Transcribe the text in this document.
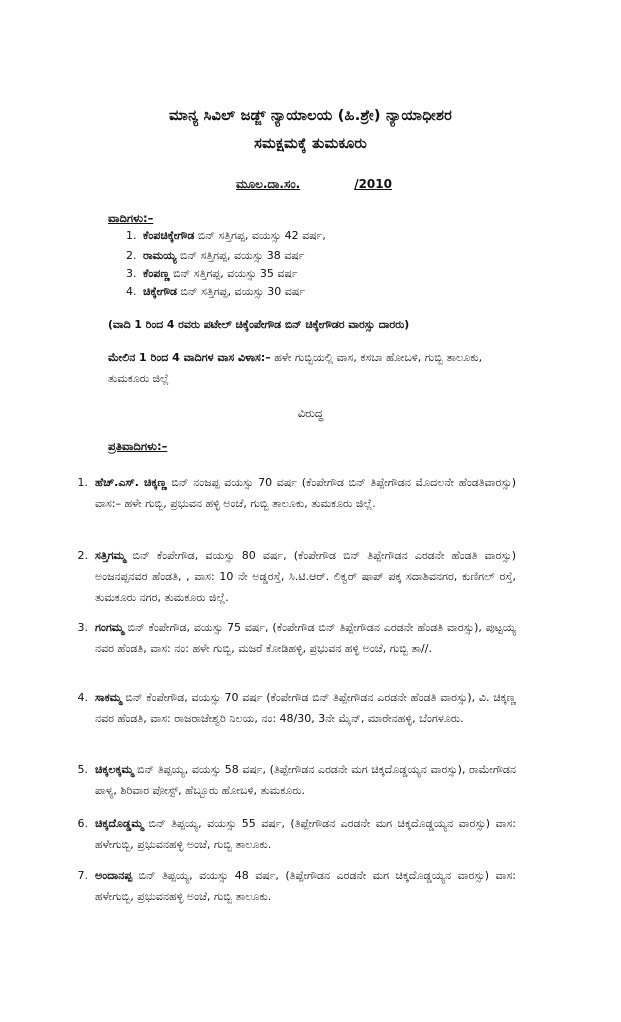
ಮಾನ್ಯ ಸಿವಿಲ್ ಜಡ್ಜ್ ನ್ಯಾಯಾಲಯ (ಹಿ.ಶ್ರೇ) ನ್ಯಾಯಾಧೀಶರ
ಸಮಕ್ಷಮಕ್ಕೆ ತುಮಕೂರು
ಮೂಲ.ದಾ.ಸಂ.	/2010
ವಾದಿಗಳು:–
1. ಕೆಂಪಚಿಕ್ಕೇಗೌಡ ಬಿನ್ ಸತ್ತಿಗಪ್ಪ, ವಯಸ್ಸು 42 ವರ್ಷ,
2. ರಾಮಯ್ಯ ಬಿನ್ ಸತ್ತಿಗಪ್ಪ, ವಯಸ್ಸು 38 ವರ್ಷ
3. ಕೆಂಪಣ್ಣ ಬಿನ್ ಸತ್ತಿಗಪ್ಪ, ವಯಸ್ಸು 35 ವರ್ಷ
4. ಚಿಕ್ಕೇಗೌಡ ಬಿನ್ ಸತ್ತಿಗಪ್ಪ, ವಯಸ್ಸು 30 ವರ್ಷ
(ವಾದಿ 1 ರಿಂದ 4 ರವರು ಪಟೇಲ್ ಚಿಕ್ಕೆಂಪೇಗೌಡ ಬಿನ್ ಚಿಕ್ಕೇಗೌಡರ ವಾರಸ್ಸು ದಾರರು)
ಮೇಲಿನ 1 ರಿಂದ 4 ವಾದಿಗಳ ವಾಸ ವಿಳಾಸ:– ಹಳೇ ಗುಬ್ಬಿಯಲ್ಲಿ ವಾಸ, ಕಸಬಾ ಹೋಬಳಿ, ಗುಬ್ಬಿ ತಾಲೂಕು, ತುಮಕೂರು ಜಿಲ್ಲೆ
ವಿರುದ್ಧ
ಪ್ರತಿವಾದಿಗಳು:–
1. ಹೆಚ್.ಎಸ್. ಚಿಕ್ಕಣ್ಣ ಬಿನ್ ನಂಜಪ್ಪ ವಯಸ್ಸು 70 ವರ್ಷ (ಕೆಂಪೇಗೌಡ ಬಿನ್ ತಿಪ್ಪೇಗೌಡನ ಮೊದಲನೇ ಹೆಂಡತಿವಾರಸ್ಸು) ವಾಸ:– ಹಳೇ ಗುಬ್ಬಿ, ಪ್ರಭುವನ ಹಳ್ಳಿ ಅಂಚೆ, ಗುಬ್ಬಿ ತಾಲೂಕು, ತುಮಕೂರು ಜಿಲ್ಲೆ.
2. ಸತ್ತಿಗಮ್ಮ ಬಿನ್ ಕೆಂಪೇಗೌಡ, ವಯಸ್ಸು 80 ವರ್ಷ, (ಕೆಂಪೇಗೌಡ ಬಿನ್ ತಿಪ್ಪೇಗೌಡನ ಎರಡನೇ ಹೆಂಡತಿ ವಾರಸ್ಸು) ಅಂಜನಪ್ಪನವರ ಹೆಂಡತಿ, , ವಾಸ: 10 ನೇ ಅಡ್ಡರಸ್ತೆ, ಸಿ.ಟಿ.ಆರ್. ಲಿಕ್ವರ್ ಷಾಪ್ ಪಕ್ಕ ಸದಾಶಿವನಗರ, ಕುಣಿಗಲ್ ರಸ್ತೆ, ತುಮಕೂರು ನಗರ, ತುಮಕೂರು ಜಿಲ್ಲೆ.
3. ಗಂಗಮ್ಮ ಬಿನ್ ಕೆಂಪೇಗೌಡ, ವಯಸ್ಸು 75 ವರ್ಷ, (ಕೆಂಪೇಗೌಡ ಬಿನ್ ತಿಪ್ಪೇಗೌಡನ ಎರಡನೇ ಹೆಂಡತಿ ವಾರಸ್ಸು), ಪುಟ್ಟಯ್ಯ ನವರ ಹೆಂಡತಿ, ವಾಸ: ನಂ: ಹಳೇ ಗುಬ್ಬಿ, ಮಜರೆ ಕೋಡಿಹಳ್ಳಿ, ಪ್ರಭುವನ ಹಳ್ಳಿ ಅಂಚೆ, ಗುಬ್ಬಿ ತಾ//.
4. ಸಾಕಮ್ಮ ಬಿನ್ ಕೆಂಪೇಗೌಡ, ವಯಸ್ಸು 70 ವರ್ಷ (ಕೆಂಪೇಗೌಡ ಬಿನ್ ತಿಪ್ಪೇಗೌಡನ ಎರಡನೇ ಹೆಂಡತಿ ವಾರಸ್ಸು), ವಿ. ಚಿಕ್ಕಣ್ಣ ನವರ ಹೆಂಡತಿ, ವಾಸ: ರಾಜರಾಜೇಶ್ವರಿ ನಿಲಯ, ನಂ: 48/30, 3ನೇ ಮೈನ್, ಮಾರೇನಹಳ್ಳಿ, ಬೆಂಗಳೂರು.
5. ಚಿಕ್ಕಲಕ್ಕಮ್ಮ ಬಿನ್ ತಿಪ್ಪಯ್ಯ, ವಯಸ್ಸು 58 ವರ್ಷ, (ತಿಪ್ಪೇಗೌಡನ ಎರಡನೇ ಮಗ ಚಿಕ್ಕದೊಡ್ಡಯ್ಯನ ವಾರಸ್ಸು), ರಾಮೇಗೌಡನ ಪಾಳ್ಯ, ಶಿರಿವಾರ ಪೋಸ್ಟ್, ಹೆಬ್ಬೂರು ಹೋಬಳಿ, ತುಮಕೂರು.
6. ಚಿಕ್ಕದೊಡ್ಡಮ್ಮ ಬಿನ್ ತಿಪ್ಪಯ್ಯ, ವಯಸ್ಸು 55 ವರ್ಷ, (ತಿಪ್ಪೇಗೌಡನ ಎರಡನೇ ಮಗ ಚಿಕ್ಕದೊಡ್ಡಯ್ಯನ ವಾರಸ್ಸು) ವಾಸ: ಹಳೇಗುಬ್ಬಿ, ಪ್ರಭುವನಹಳ್ಳಿ ಅಂಚೆ, ಗುಬ್ಬಿ ತಾಲೂಕು.
7. ಅಂದಾನಪ್ಪ ಬಿನ್ ತಿಪ್ಪಯ್ಯ, ವಯಸ್ಸು 48 ವರ್ಷ, (ತಿಪ್ಪೇಗೌಡನ ಎರಡನೇ ಮಗ ಚಿಕ್ಕದೊಡ್ಡಯ್ಯನ ವಾರಸ್ಸು) ವಾಸ: ಹಳೇಗುಬ್ಬಿ, ಪ್ರಭುವನಹಳ್ಳಿ ಅಂಚೆ, ಗುಬ್ಬಿ ತಾಲೂಕು.
